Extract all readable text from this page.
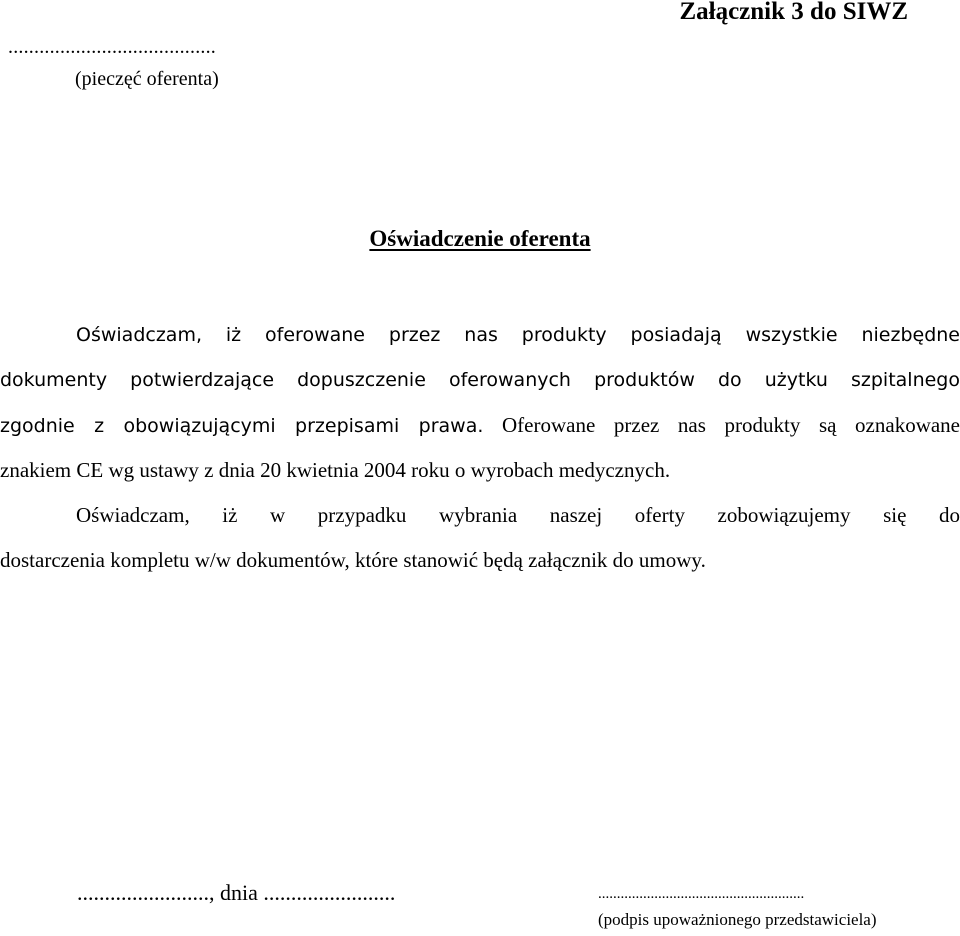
Załącznik 3 do SIWZ
........................................
(pieczęć oferenta)
Oświadczenie oferenta
Oświadczam, iż oferowane przez nas produkty posiadają wszystkie niezbędne
dokumenty potwierdzające dopuszczenie oferowanych produktów do użytku szpitalnego
zgodnie z obowiązującymi przepisami prawa. Oferowane przez nas produkty są oznakowane
znakiem CE wg ustawy z dnia 20 kwietnia 2004 roku o wyrobach medycznych.
Oświadczam, iż w przypadku wybrania naszej oferty zobowiązujemy się do
dostarczenia kompletu w/w dokumentów, które stanowić będą załącznik do umowy.
........................, dnia ........................	.......................................................
(podpis upoważnionego przedstawiciela)
